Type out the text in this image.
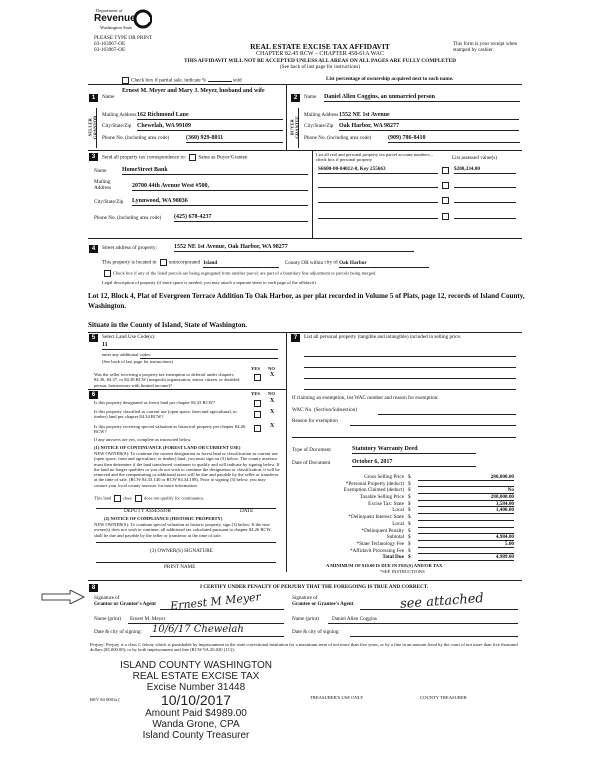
Department of
Revenue
Washington State
PLEASE TYPE OR PRINT
03-163967-OE
03-163967-OE	REAL ESTATE EXCISE TAX AFFIDAVIT
CHAPTER 82.45 RCW – CHAPTER 458-61A WAC
THIS AFFIDAVIT WILL NOT BE ACCEPTED UNLESS ALL AREAS ON ALL PAGES ARE FULLY COMPLETED
(See back of last page for instructions)
This form is your receipt when stamped by cashier.
Check box if partial sale, indicate %	sold	List percentage of ownership acquired next to each name.
1
SELLER GRANTOR
Name
Ernest M. Meyer and Mary J. Meyer, husband and wife
Mailing Address 162 Richmond Lane
City/State/Zip Chewelah, WA 99109
Phone No. (including area code)	(360) 929-8011
2
BUYER GRANTEE
Name Daniel Allen Coggins, an unmarried person
Mailing Address 1552 NE 1st Avenue
City/State/Zip Oak Harbor, WA 98277
Phone No. (including area code)	(909) 786-8410
3	Send all property tax correspondence to: Same as Buyer/Grantee
Name	HomeStreet Bank
Mailing Address	20700 44th Avenue West #500,
City/State/Zip Lynnwood, WA 98036
Phone No. (including area code) (425) 678-4237
List all real and personal property tax parcel account numbers – check box if personal property	List assessed value(s)
S6600-00-04012-0, Key 255663	$200,334.00
4	Street address of property:	1552 NE 1st Avenue, Oak Harbor, WA 98277
This property is located in unincorporated Island	County OR within city of Oak Harbor
Check box if any of the listed parcels are being segregated from another parcel, are part of a boundary line adjustment or parcels being merged.
Legal description of property (if more space is needed, you may attach a separate sheet to each page of the affidavit)
Lot 12, Block 4, Plat of Evergreen Terrace Addition To Oak Harbor, as per plat recorded in Volume 5 of Plats, page 12, records of Island County, Washington.
Situate in the County of Island, State of Washington.
5	Select Land Use Code(s):
11
enter any additional codes:
(See back of last page for instructions)
YES NO
Was the seller receiving a property tax exemption or deferral under chapters 84.36, 84.37, or 84.38 RCW (nonprofit organization, senior citizen, or disabled person, homeowner with limited income)?
X
6	YES NO
Is this property designated as forest land per chapter 84.33 RCW?	X
Is this property classified as current use (open space, farm and agricultural, or timber) land per chapter 84.34 RCW?
X
Is this property receiving special valuation as historical property per chapter 84.26 RCW?
X
If any answers are yes, complete as instructed below.
(1) NOTICE OF CONTINUANCE (FOREST LAND OR CURRENT USE)
NEW OWNER(S): To continue the current designation as forest land or classification as current use (open space, farm and agriculture, or timber) land, you must sign on (3) below. The county assessor must then determine if the land transferred continues to qualify and will indicate by signing below. If the land no longer qualifies or you do not wish to continue the designation or classification, it will be removed and the compensating or additional taxes will be due and payable by the seller or transferor at the time of sale. (RCW 84.33.140 or RCW 84.34.108). Prior to signing (3) below, you may contact your local county assessor for more information.
This land	does	does not qualify for continuance.
DEPUTY ASSESSOR	DATE
(2) NOTICE OF COMPLIANCE (HISTORIC PROPERTY)
NEW OWNER(S): To continue special valuation as historic property, sign (3) below. If the new owner(s) does not wish to continue, all additional tax calculated pursuant to chapter 84.26 RCW, shall be due and payable by the seller or transferor at the time of sale.
(3) OWNER(S) SIGNATURE
PRINT NAME
7	List all personal property (tangible and intangible) included in selling price.
If claiming an exemption, list WAC number and reason for exemption:
WAC No. (Section/Subsection)
Reason for exemption
Type of Document	Statutory Warranty Deed
Date of Document	October 6, 2017
Gross Selling Price $	280,000.00
*Personal Property (deduct) $
Exemption Claimed (deduct) $	No
Taxable Selling Price $	280,000.00
Excise Tax: State $	3,584.00
Local $	1,400.00
*Delinquent Interest: State $
Local $
*Delinquent Penalty $
Subtotal $	4,984.00
*State Technology Fee $	5.00
*Affidavit Processing Fee $
Total Due $	4,989.00
A MINIMUM OF $10.00 IS DUE IN FEE(S) AND/OR TAX
*SEE INSTRUCTIONS
8	I CERTIFY UNDER PENALTY OF PERJURY THAT THE FOREGOING IS TRUE AND CORRECT.
Signature of
Grantor or Grantor's Agent Ernest M Meyer
Name (print) Ernest M. Meyer
Date & city of signing: 10/6/17 Chewelah
Signature of
Grantee or Grantee's Agent	see attached
Name (print)	Daniel Allen Coggins
Date & city of signing:
Perjury: Perjury is a class C felony which is punishable by imprisonment in the state correctional institution for a maximum term of not more than five years, or by a fine in an amount fixed by the court of not more than five thousand dollars ($5,000.00), or by both imprisonment and fine (RCW 9A.20.020 (1C)).
ISLAND COUNTY WASHINGTON
REAL ESTATE EXCISE TAX
Excise Number 31448
10/10/2017
Amount Paid $4989.00
Wanda Grone, CPA
Island County Treasurer
REV 84 0001a (	TREASURER'S USE ONLY	COUNTY TREASURER
